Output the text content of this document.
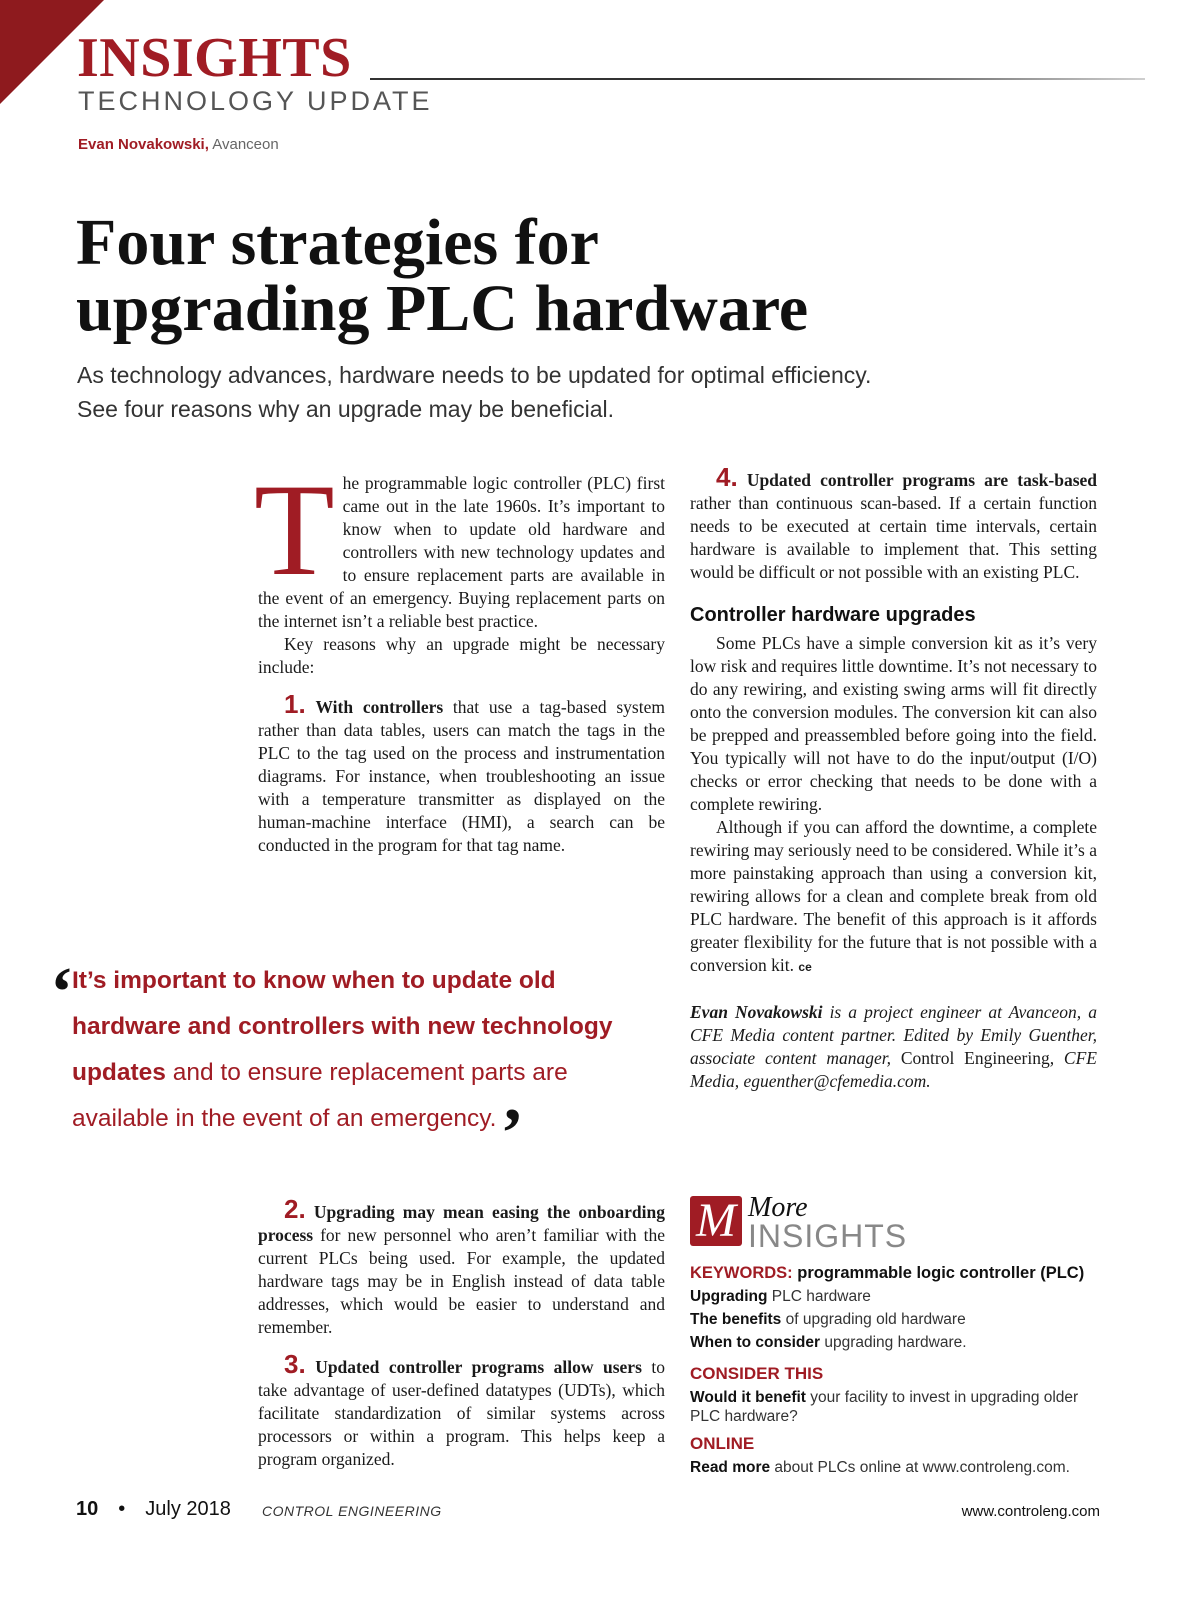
INSIGHTS
TECHNOLOGY UPDATE
Evan Novakowski, Avanceon
Four strategies for
upgrading PLC hardware
As technology advances, hardware needs to be updated for optimal efficiency.
See four reasons why an upgrade may be beneficial.

The programmable logic controller (PLC) first came out in the late 1960s. It’s important to know when to update old hardware and controllers with new technology updates and to ensure replacement parts are available in the event of an emergency. Buying replacement parts on the internet isn’t a reliable best practice.

Key reasons why an upgrade might be necessary include:

1. With controllers that use a tag-based system rather than data tables, users can match the tags in the PLC to the tag used on the process and instrumentation diagrams. For instance, when troubleshooting an issue with a temperature transmitter as displayed on the human-machine interface (HMI), a search can be conducted in the program for that tag name.

‘
It’s important to know when to update old hardware and controllers with new technology updates and to ensure replacement parts are available in the event of an emergency.’

2. Upgrading may mean easing the onboarding process for new personnel who aren’t familiar with the current PLCs being used. For example, the updated hardware tags may be in English instead of data table addresses, which would be easier to understand and remember.

3. Updated controller programs allow users to take advantage of user-defined datatypes (UDTs), which facilitate standardization of similar systems across processors or within a program. This helps keep a program organized.

4. Updated controller programs are task-based rather than continuous scan-based. If a certain function needs to be executed at certain time intervals, certain hardware is available to implement that. This setting would be difficult or not possible with an existing PLC.

Controller hardware upgrades

Some PLCs have a simple conversion kit as it’s very low risk and requires little downtime. It’s not necessary to do any rewiring, and existing swing arms will fit directly onto the conversion modules. The conversion kit can also be prepped and preassembled before going into the field. You typically will not have to do the input/output (I/O) checks or error checking that needs to be done with a complete rewiring.

Although if you can afford the downtime, a complete rewiring may seriously need to be considered. While it’s a more painstaking approach than using a conversion kit, rewiring allows for a clean and complete break from old PLC hardware. The benefit of this approach is it affords greater flexibility for the future that is not possible with a conversion kit. ce

Evan Novakowski is a project engineer at Avanceon, a CFE Media content partner. Edited by Emily Guenther, associate content manager, Control Engineering, CFE Media, eguenther@cfemedia.com.

M More
INSIGHTS
KEYWORDS: programmable logic controller (PLC)
Upgrading PLC hardware
The benefits of upgrading old hardware
When to consider upgrading hardware.
CONSIDER THIS
Would it benefit your facility to invest in upgrading older PLC hardware?
ONLINE
Read more about PLCs online at www.controleng.com.
10 • July 2018 CONTROL ENGINEERING	www.controleng.com
